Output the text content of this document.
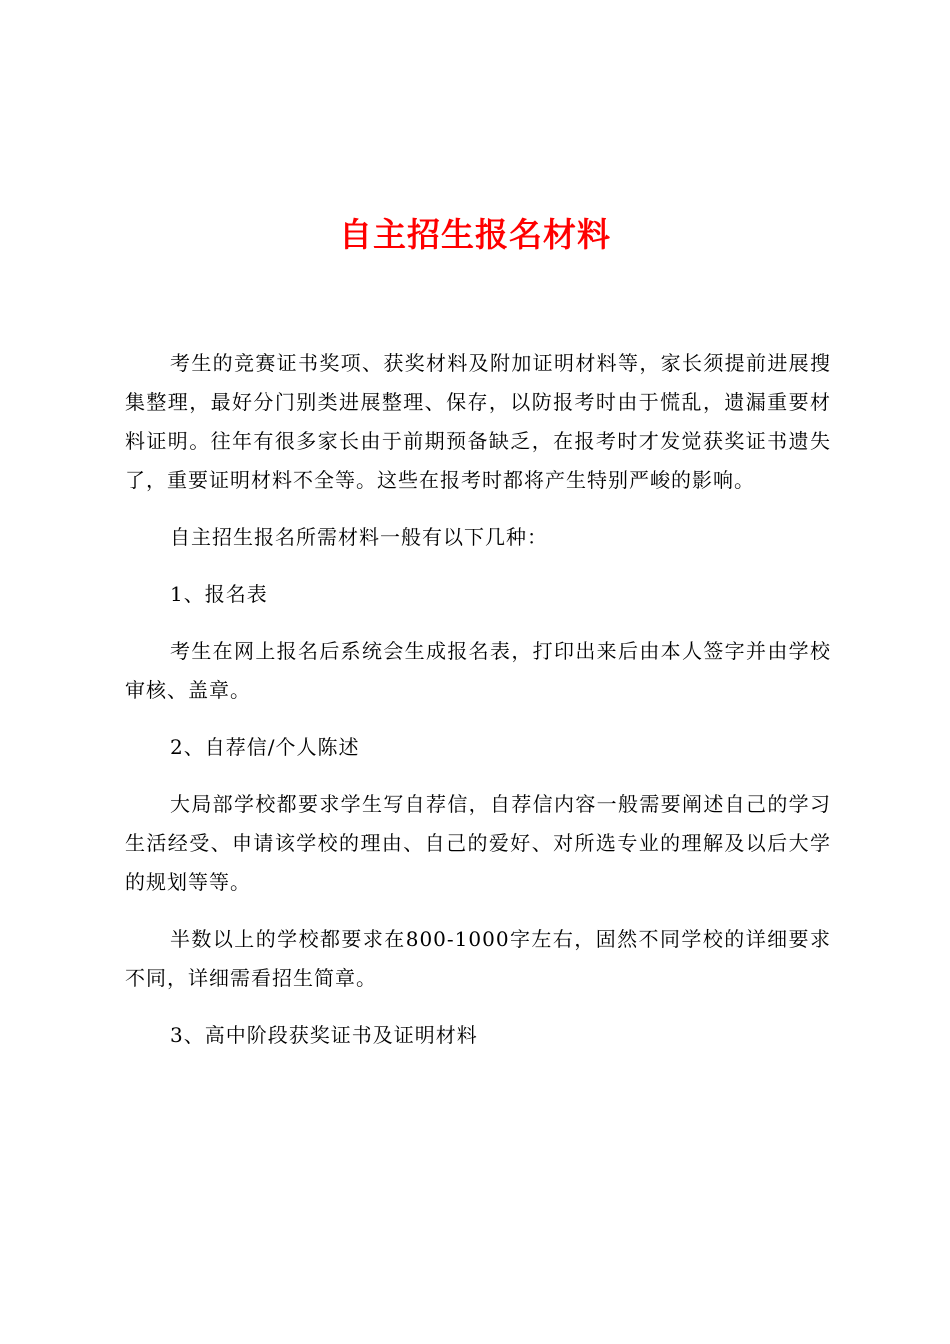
自主招生报名材料

考生的竞赛证书奖项、获奖材料及附加证明材料等，家长须提前进展搜集整理，最好分门别类进展整理、保存，以防报考时由于慌乱，遗漏重要材料证明。往年有很多家长由于前期预备缺乏，在报考时才发觉获奖证书遗失了，重要证明材料不全等。这些在报考时都将产生特别严峻的影响。

自主招生报名所需材料一般有以下几种：

1、报名表

考生在网上报名后系统会生成报名表，打印出来后由本人签字并由学校审核、盖章。

2、自荐信/个人陈述

大局部学校都要求学生写自荐信，自荐信内容一般需要阐述自己的学习生活经受、申请该学校的理由、自己的爱好、对所选专业的理解及以后大学的规划等等。

半数以上的学校都要求在800-1000字左右，固然不同学校的详细要求不同，详细需看招生简章。

3、高中阶段获奖证书及证明材料
